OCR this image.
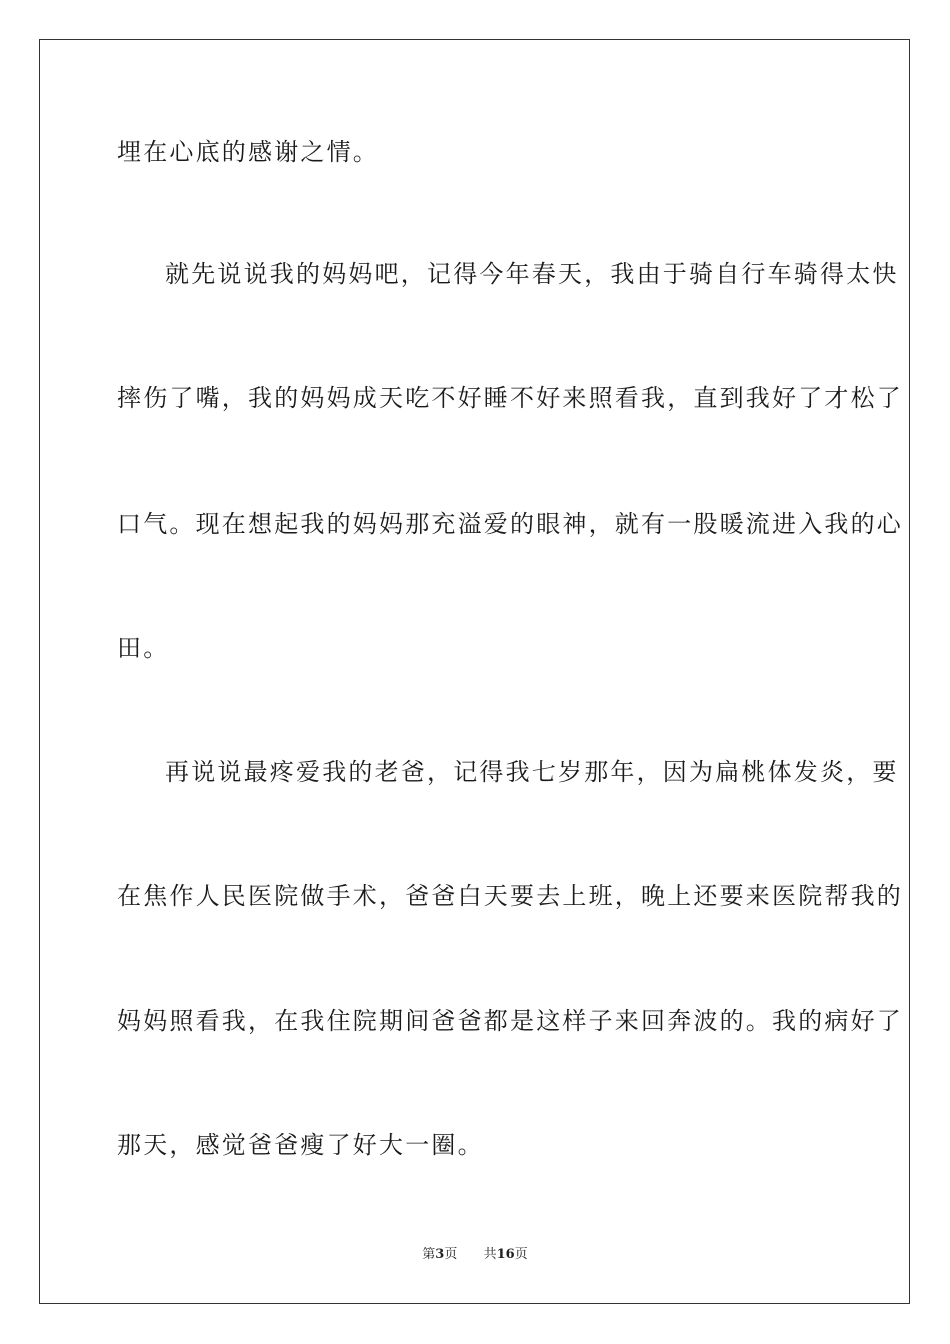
埋在心底的感谢之情。
就先说说我的妈妈吧，记得今年春天，我由于骑自行车骑得太快
摔伤了嘴，我的妈妈成天吃不好睡不好来照看我，直到我好了才松了
口气。现在想起我的妈妈那充溢爱的眼神，就有一股暖流进入我的心
田。
再说说最疼爱我的老爸，记得我七岁那年，因为扁桃体发炎，要
在焦作人民医院做手术，爸爸白天要去上班，晚上还要来医院帮我的
妈妈照看我，在我住院期间爸爸都是这样子来回奔波的。我的病好了
那天，感觉爸爸瘦了好大一圈。
第3页 共16页
